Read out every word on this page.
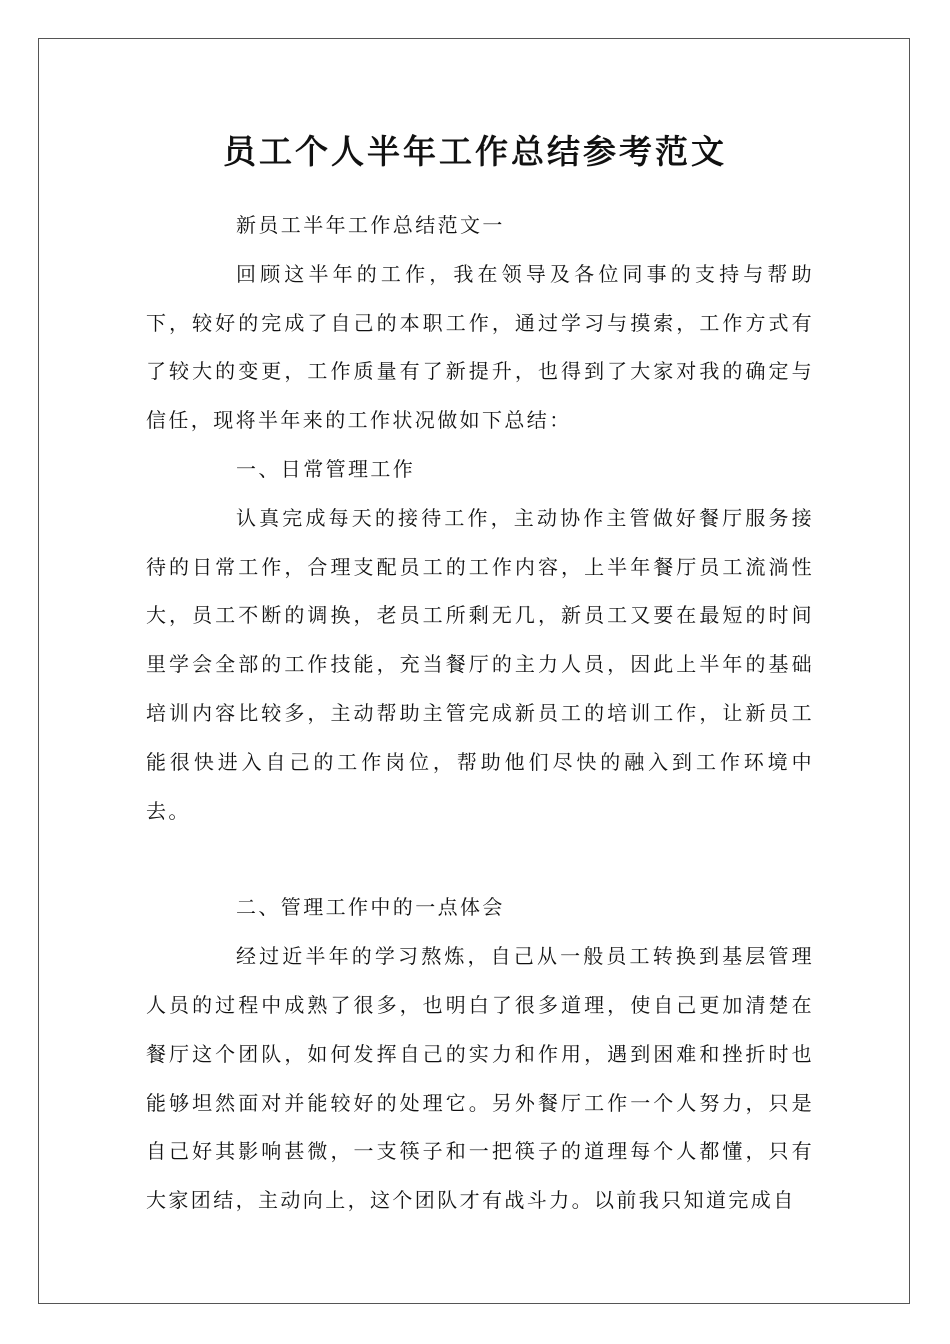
员工个人半年工作总结参考范文

新员工半年工作总结范文一

回顾这半年的工作，我在领导及各位同事的支持与帮助下，较好的完成了自己的本职工作，通过学习与摸索，工作方式有了较大的变更，工作质量有了新提升，也得到了大家对我的确定与信任，现将半年来的工作状况做如下总结：

一、日常管理工作

认真完成每天的接待工作，主动协作主管做好餐厅服务接待的日常工作，合理支配员工的工作内容，上半年餐厅员工流淌性大，员工不断的调换，老员工所剩无几，新员工又要在最短的时间里学会全部的工作技能，充当餐厅的主力人员，因此上半年的基础培训内容比较多，主动帮助主管完成新员工的培训工作，让新员工能很快进入自己的工作岗位，帮助他们尽快的融入到工作环境中去。

二、管理工作中的一点体会

经过近半年的学习熬炼，自己从一般员工转换到基层管理人员的过程中成熟了很多，也明白了很多道理，使自己更加清楚在餐厅这个团队，如何发挥自己的实力和作用，遇到困难和挫折时也能够坦然面对并能较好的处理它。另外餐厅工作一个人努力，只是自己好其影响甚微，一支筷子和一把筷子的道理每个人都懂，只有大家团结，主动向上，这个团队才有战斗力。以前我只知道完成自
